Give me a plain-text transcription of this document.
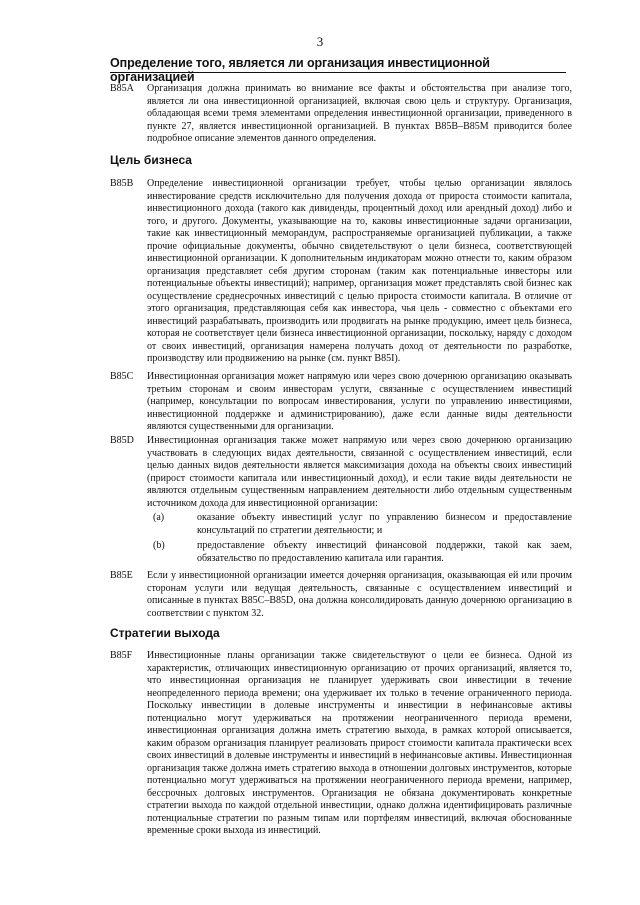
3
Определение того, является ли организация инвестиционной организацией
B85A	Организация должна принимать во внимание все факты и обстоятельства при анализе того, является ли она инвестиционной организацией, включая свою цель и структуру. Организация, обладающая всеми тремя элементами определения инвестиционной организации, приведенного в пункте 27, является инвестиционной организацией. В пунктах B85B–B85M приводится более подробное описание элементов данного определения.
Цель бизнеса
B85B	Определение инвестиционной организации требует, чтобы целью организации являлось инвестирование средств исключительно для получения дохода от прироста стоимости капитала, инвестиционного дохода (такого как дивиденды, процентный доход или арендный доход) либо и того, и другого. Документы, указывающие на то, каковы инвестиционные задачи организации, такие как инвестиционный меморандум, распространяемые организацией публикации, а также прочие официальные документы, обычно свидетельствуют о цели бизнеса, соответствующей инвестиционной организации. К дополнительным индикаторам можно отнести то, каким образом организация представляет себя другим сторонам (таким как потенциальные инвесторы или потенциальные объекты инвестиций); например, организация может представлять свой бизнес как осуществление среднесрочных инвестиций с целью прироста стоимости капитала. В отличие от этого организация, представляющая себя как инвестора, чья цель - совместно с объектами его инвестиций разрабатывать, производить или продвигать на рынке продукцию, имеет цель бизнеса, которая не соответствует цели бизнеса инвестиционной организации, поскольку, наряду с доходом от своих инвестиций, организация намерена получать доход от деятельности по разработке, производству или продвижению на рынке (см. пункт B85I).
B85C	Инвестиционная организация может напрямую или через свою дочернюю организацию оказывать третьим сторонам и своим инвесторам услуги, связанные с осуществлением инвестиций (например, консультации по вопросам инвестирования, услуги по управлению инвестициями, инвестиционной поддержке и администрированию), даже если данные виды деятельности являются существенными для организации.
B85D	Инвестиционная организация также может напрямую или через свою дочернюю организацию участвовать в следующих видах деятельности, связанной с осуществлением инвестиций, если целью данных видов деятельности является максимизация дохода на объекты своих инвестиций (прирост стоимости капитала или инвестиционный доход), и если такие виды деятельности не являются отдельным существенным направлением деятельности либо отдельным существенным источником дохода для инвестиционной организации:
(a)	оказание объекту инвестиций услуг по управлению бизнесом и предоставление консультаций по стратегии деятельности; и
(b)	предоставление объекту инвестиций финансовой поддержки, такой как заем, обязательство по предоставлению капитала или гарантия.
B85E	Если у инвестиционной организации имеется дочерняя организация, оказывающая ей или прочим сторонам услуги или ведущая деятельность, связанные с осуществлением инвестиций и описанные в пунктах B85C–B85D, она должна консолидировать данную дочернюю организацию в соответствии с пунктом 32.
Стратегии выхода
B85F	Инвестиционные планы организации также свидетельствуют о цели ее бизнеса. Одной из характеристик, отличающих инвестиционную организацию от прочих организаций, является то, что инвестиционная организация не планирует удерживать свои инвестиции в течение неопределенного периода времени; она удерживает их только в течение ограниченного периода. Поскольку инвестиции в долевые инструменты и инвестиции в нефинансовые активы потенциально могут удерживаться на протяжении неограниченного периода времени, инвестиционная организация должна иметь стратегию выхода, в рамках которой описывается, каким образом организация планирует реализовать прирост стоимости капитала практически всех своих инвестиций в долевые инструменты и инвестиций в нефинансовые активы. Инвестиционная организация также должна иметь стратегию выхода в отношении долговых инструментов, которые потенциально могут удерживаться на протяжении неограниченного периода времени, например, бессрочных долговых инструментов. Организация не обязана документировать конкретные стратегии выхода по каждой отдельной инвестиции, однако должна идентифицировать различные потенциальные стратегии по разным типам или портфелям инвестиций, включая обоснованные временные сроки выхода из инвестиций.
